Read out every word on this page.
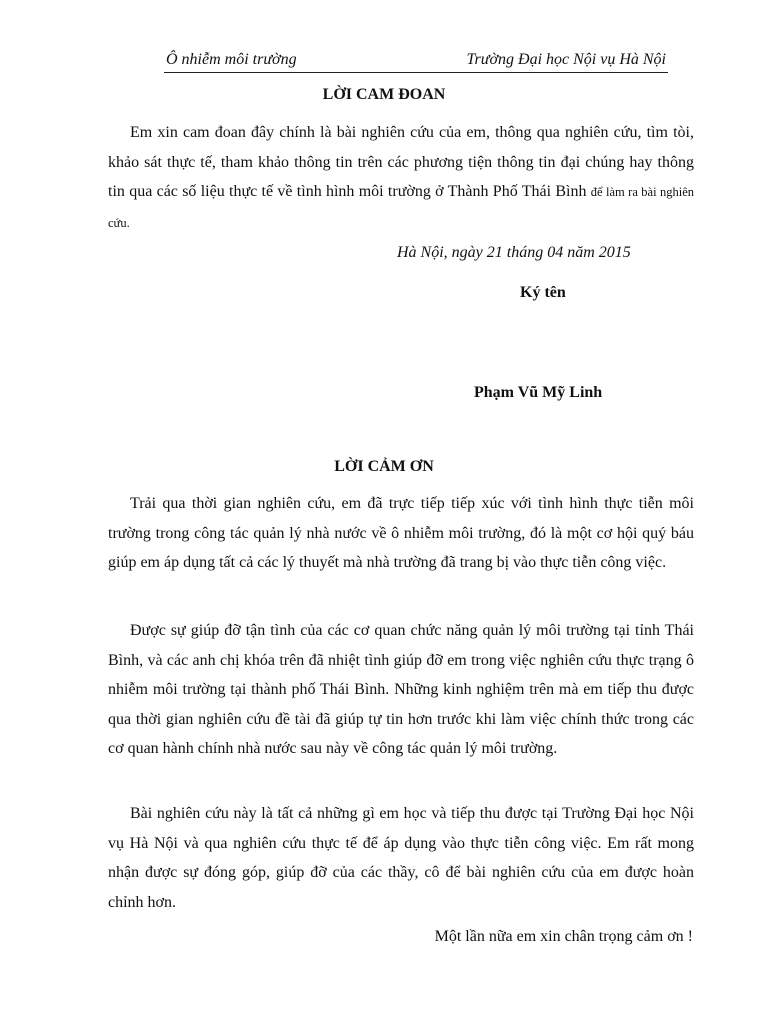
Ô nhiễm môi trường	Trường Đại học Nội vụ Hà Nội
LỜI CAM ĐOAN

Em xin cam đoan đây chính là bài nghiên cứu của em, thông qua nghiên cứu, tìm tòi, khảo sát thực tế, tham khảo thông tin trên các phương tiện thông tin đại chúng hay thông tin qua các số liệu thực tế về tình hình môi trường ở Thành Phố Thái Bình để làm ra bài nghiên cứu.

Hà Nội, ngày 21 tháng 04 năm 2015
Ký tên
Phạm Vũ Mỹ Linh
LỜI CẢM ƠN

Trải qua thời gian nghiên cứu, em đã trực tiếp tiếp xúc với tình hình thực tiễn môi trường trong công tác quản lý nhà nước về ô nhiễm môi trường, đó là một cơ hội quý báu giúp em áp dụng tất cả các lý thuyết mà nhà trường đã trang bị vào thực tiễn công việc.

Được sự giúp đỡ tận tình của các cơ quan chức năng quản lý môi trường tại tỉnh Thái Bình, và các anh chị khóa trên đã nhiệt tình giúp đỡ em trong việc nghiên cứu thực trạng ô nhiễm môi trường tại thành phố Thái Bình. Những kinh nghiệm trên mà em tiếp thu được qua thời gian nghiên cứu đề tài đã giúp tự tin hơn trước khi làm việc chính thức trong các cơ quan hành chính nhà nước sau này về công tác quản lý môi trường.

Bài nghiên cứu này là tất cả những gì em học và tiếp thu được tại Trường Đại học Nội vụ Hà Nội và qua nghiên cứu thực tế để áp dụng vào thực tiễn công việc. Em rất mong nhận được sự đóng góp, giúp đỡ của các thầy, cô để bài nghiên cứu của em được hoàn chỉnh hơn.

Một lần nữa em xin chân trọng cảm ơn !
